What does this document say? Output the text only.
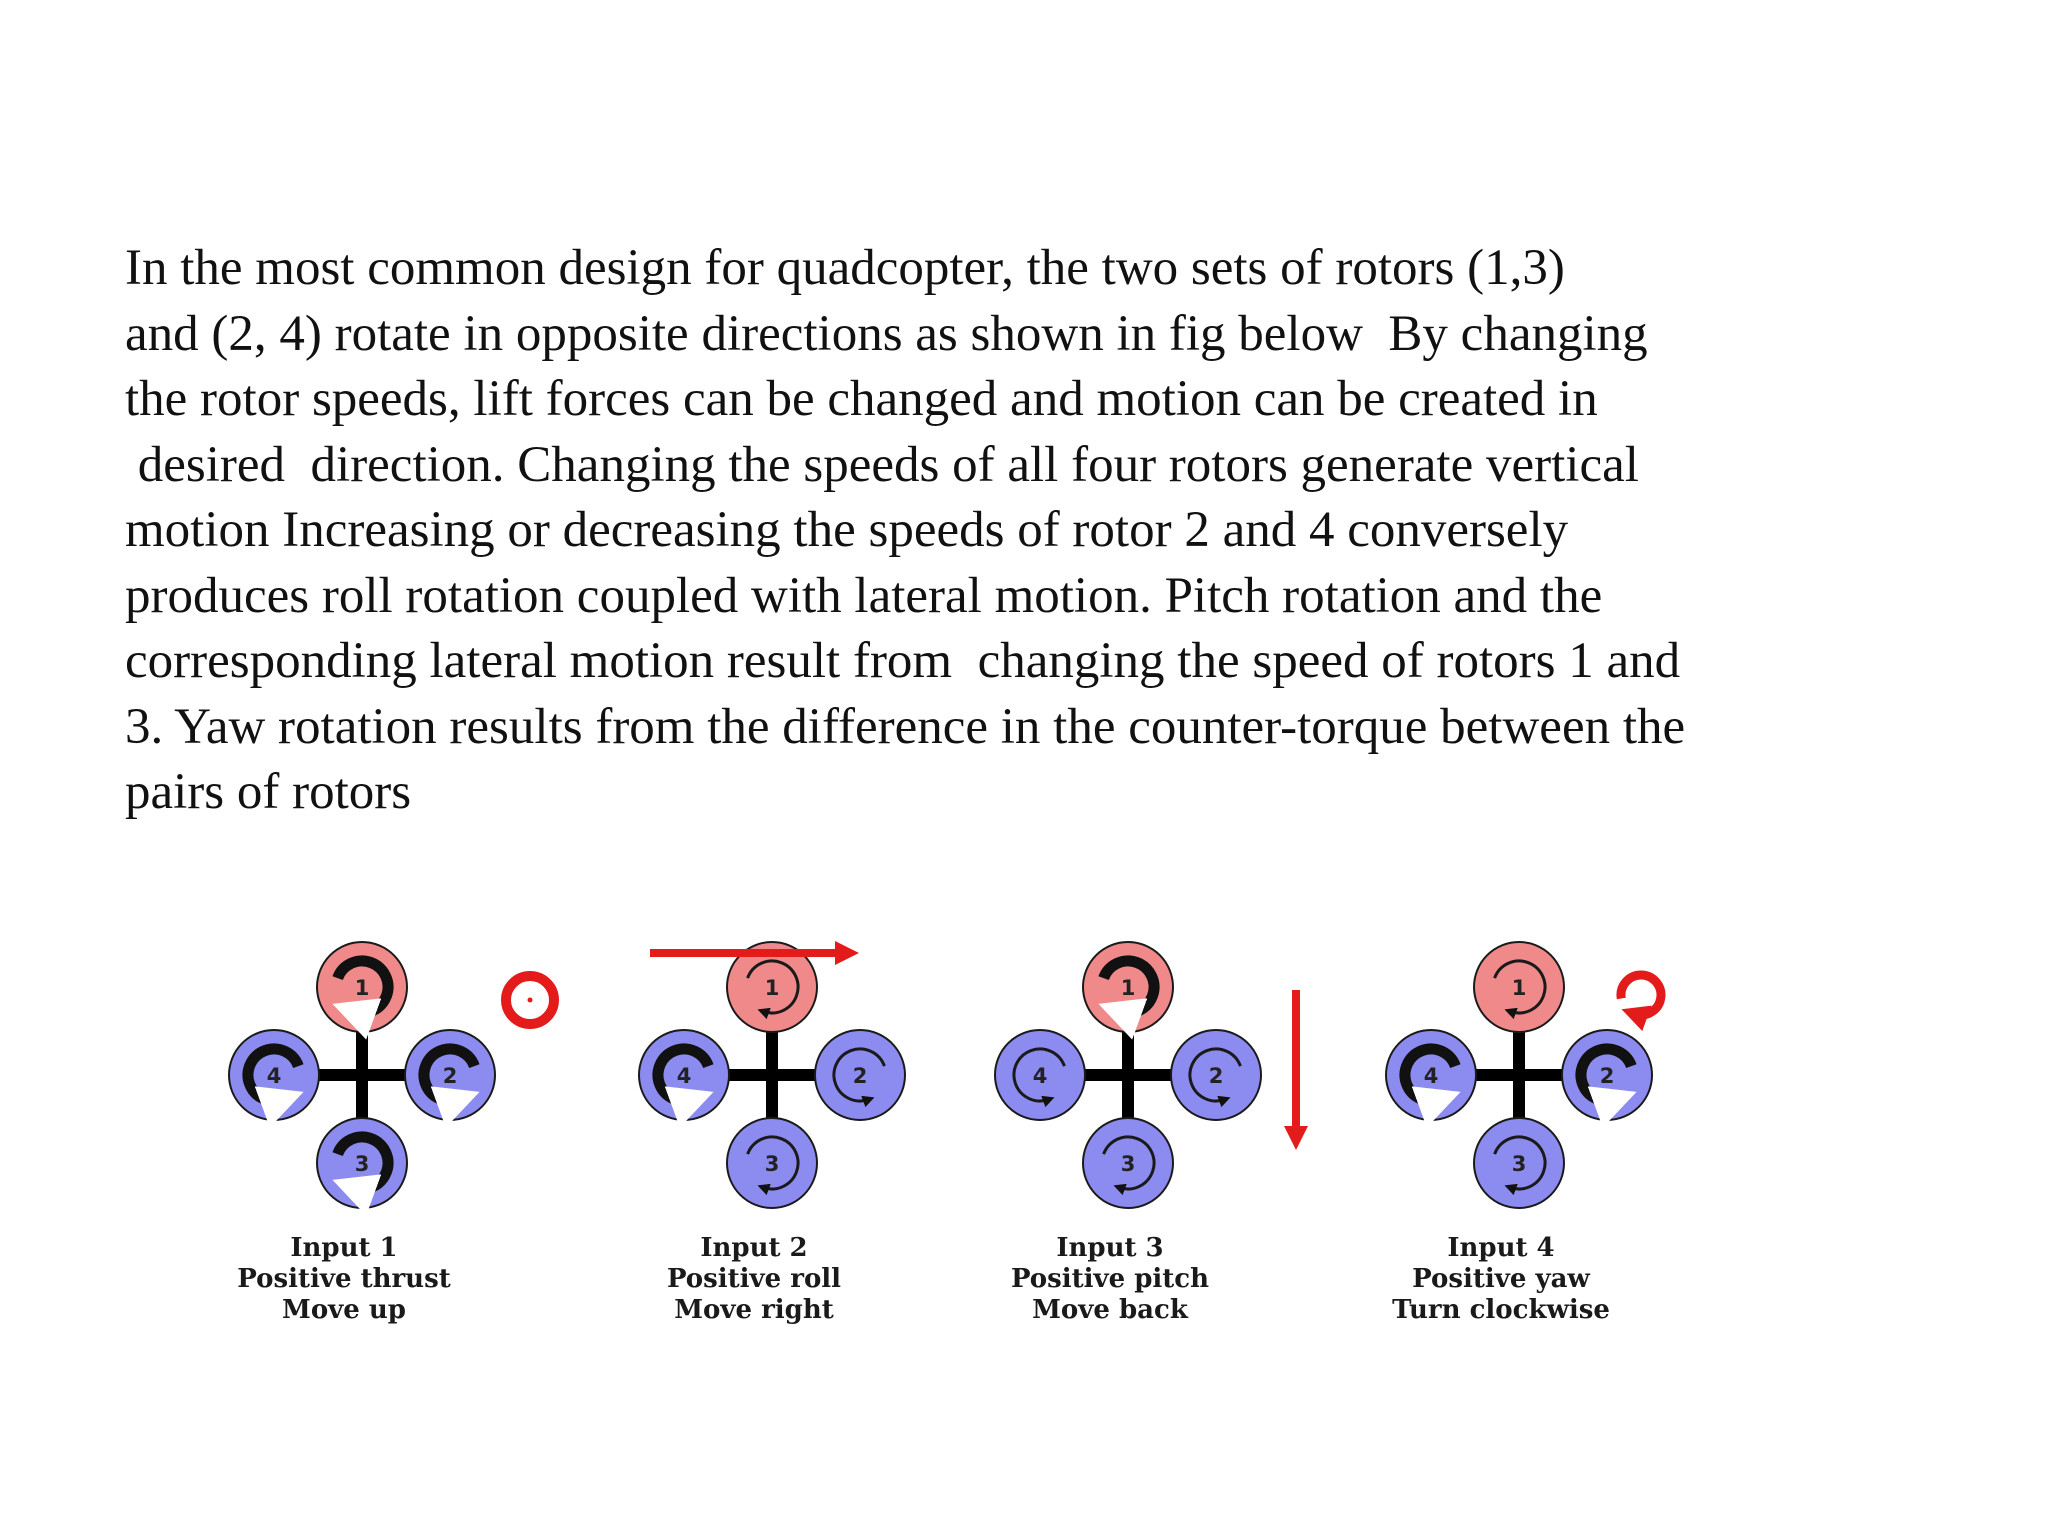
In the most common design for quadcopter, the two sets of rotors (1,3)
and (2, 4) rotate in opposite directions as shown in fig below  By changing
the rotor speeds, lift forces can be changed and motion can be created in
desired  direction. Changing the speeds of all four rotors generate vertical
motion Increasing or decreasing the speeds of rotor 2 and 4 conversely
produces roll rotation coupled with lateral motion. Pitch rotation and the
corresponding lateral motion result from  changing the speed of rotors 1 and
3. Yaw rotation results from the difference in the counter-torque between the
pairs of rotors

1
2
3
4
Input 1
Positive thrust
Move up
1
2
3
4
Input 2
Positive roll
Move right
1
2
3
4
Input 3
Positive pitch
Move back
1
2
3
4
Input 4
Positive yaw
Turn clockwise
